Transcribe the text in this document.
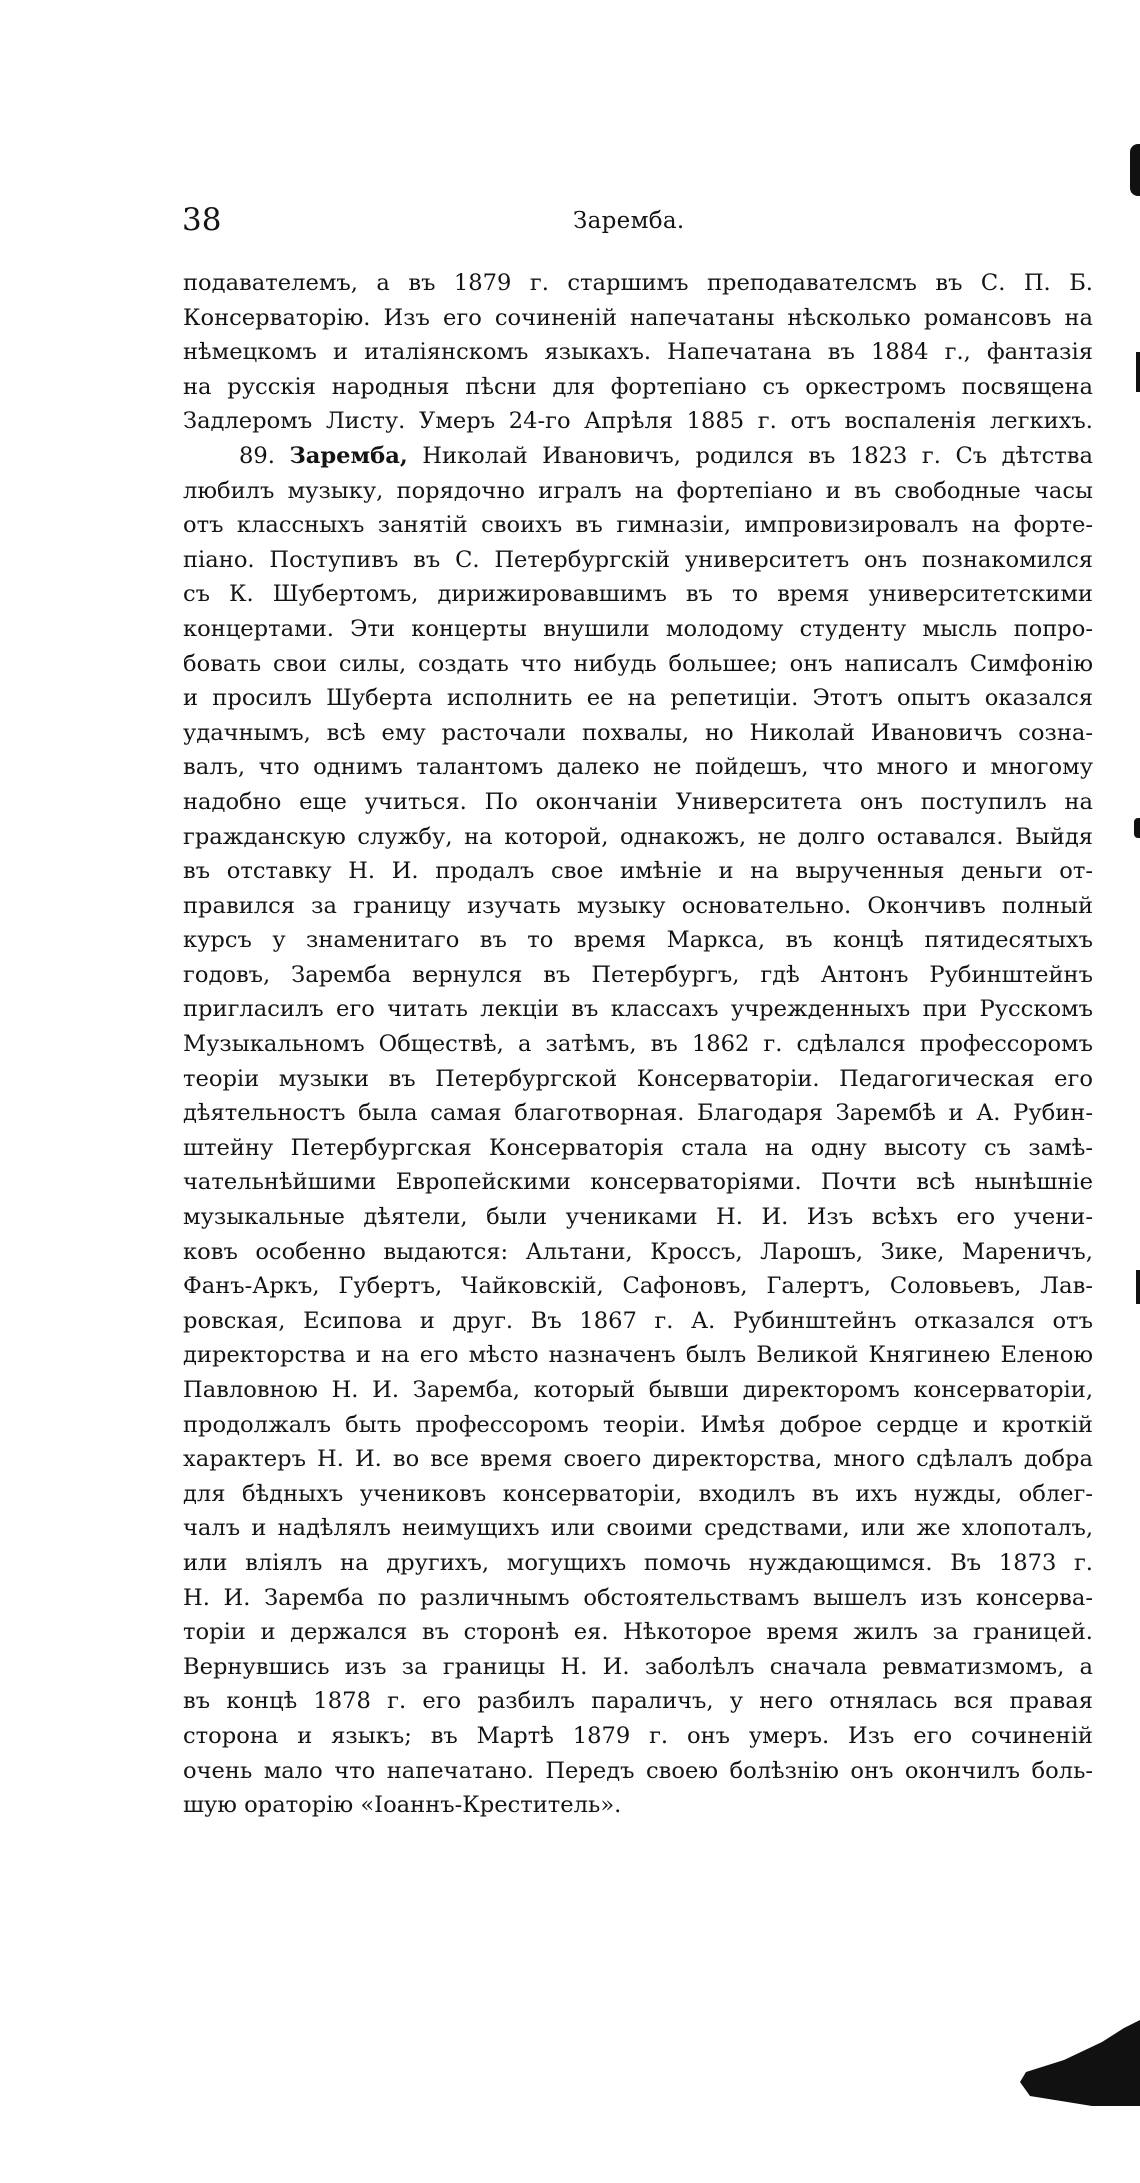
38	Заремба.
подавателемъ, а въ 1879 г. старшимъ преподавателсмъ въ С. П. Б.
Консерваторію. Изъ его сочиненій напечатаны нѣсколько романсовъ на
нѣмецкомъ и италіянскомъ языкахъ. Напечатана въ 1884 г., фантазія
на русскія народныя пѣсни для фортепіано съ оркестромъ посвящена
Задлеромъ Листу. Умеръ 24-го Апрѣля 1885 г. отъ воспаленія легкихъ.
89. Заремба, Николай Ивановичъ, родился въ 1823 г. Съ дѣтства
любилъ музыку, порядочно игралъ на фортепіано и въ свободные часы
отъ классныхъ занятій своихъ въ гимназіи, импровизировалъ на форте-
піано. Поступивъ въ С. Петербургскій университетъ онъ познакомился
съ К. Шубертомъ, дирижировавшимъ въ то время университетскими
концертами. Эти концерты внушили молодому студенту мысль попро-
бовать свои силы, создать что нибудь большее; онъ написалъ Симфонію
и просилъ Шуберта исполнить ее на репетиціи. Этотъ опытъ оказался
удачнымъ, всѣ ему расточали похвалы, но Николай Ивановичъ созна-
валъ, что однимъ талантомъ далеко не пойдешъ, что много и многому
надобно еще учиться. По окончаніи Университета онъ поступилъ на
гражданскую службу, на которой, однакожъ, не долго оставался. Выйдя
въ отставку Н. И. продалъ свое имѣніе и на вырученныя деньги от-
правился за границу изучать музыку основательно. Окончивъ полный
курсъ у знаменитаго въ то время Маркса, въ концѣ пятидесятыхъ
годовъ, Заремба вернулся въ Петербургъ, гдѣ Антонъ Рубинштейнъ
пригласилъ его читать лекціи въ классахъ учрежденныхъ при Русскомъ
Музыкальномъ Обществѣ, а затѣмъ, въ 1862 г. сдѣлался профессоромъ
теоріи музыки въ Петербургской Консерваторіи. Педагогическая его
дѣятельностъ была самая благотворная. Благодаря Зарембѣ и А. Рубин-
штейну Петербургская Консерваторія стала на одну высоту съ замѣ-
чательнѣйшими Европейскими консерваторіями. Почти всѣ нынѣшніе
музыкальные дѣятели, были учениками Н. И. Изъ всѣхъ его учени-
ковъ особенно выдаются: Альтани, Кроссъ, Ларошъ, Зике, Мареничъ,
Фанъ-Аркъ, Губертъ, Чайковскій, Сафоновъ, Галертъ, Соловьевъ, Лав-
ровская, Есипова и друг. Въ 1867 г. А. Рубинштейнъ отказался отъ
директорства и на его мѣсто назначенъ былъ Великой Княгинею Еленою
Павловною Н. И. Заремба, который бывши директоромъ консерваторіи,
продолжалъ быть профессоромъ теоріи. Имѣя доброе сердце и кроткій
характеръ Н. И. во все время своего директорства, много сдѣлалъ добра
для бѣдныхъ учениковъ консерваторіи, входилъ въ ихъ нужды, облег-
чалъ и надѣлялъ неимущихъ или своими средствами, или же хлопоталъ,
или вліялъ на другихъ, могущихъ помочь нуждающимся. Въ 1873 г.
Н. И. Заремба по различнымъ обстоятельствамъ вышелъ изъ консерва-
торіи и держался въ сторонѣ ея. Нѣкоторое время жилъ за границей.
Вернувшись изъ за границы Н. И. заболѣлъ сначала ревматизмомъ, а
въ концѣ 1878 г. его разбилъ параличъ, у него отнялась вся правая
сторона и языкъ; въ Мартѣ 1879 г. онъ умеръ. Изъ его сочиненій
очень мало что напечатано. Передъ своею болѣзнію онъ окончилъ боль-
шую ораторію «Іоаннъ-Креститель».
